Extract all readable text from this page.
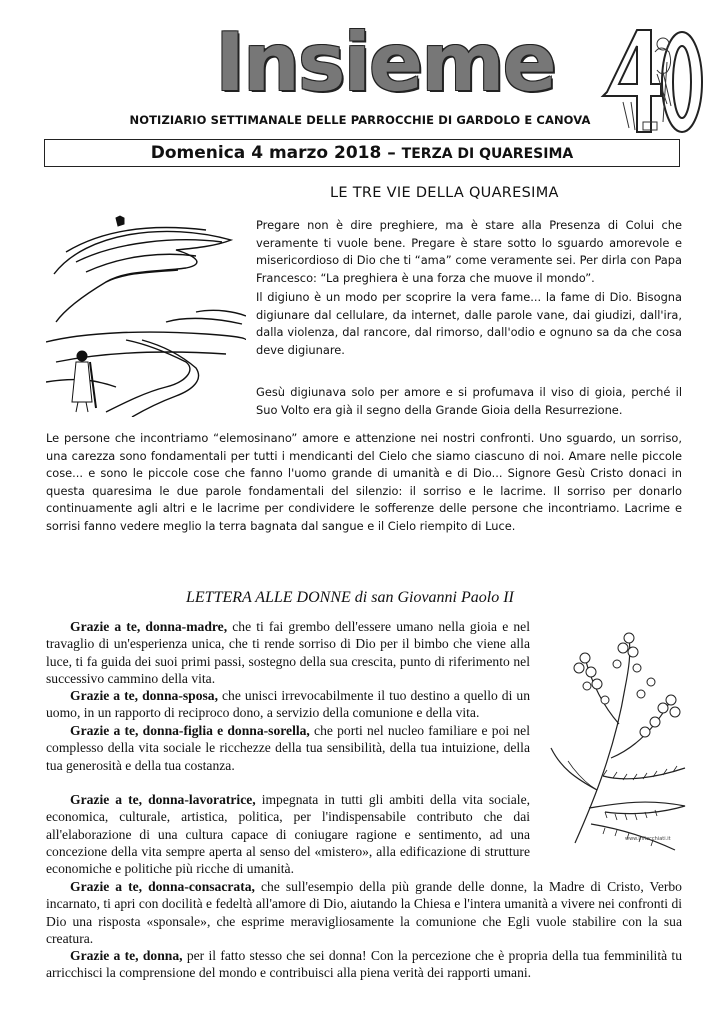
Insieme
NOTIZIARIO SETTIMANALE DELLE PARROCCHIE DI GARDOLO E CANOVA
Domenica 4 marzo 2018 – TERZA DI QUARESIMA
LE TRE VIE DELLA QUARESIMA

Pregare non è dire preghiere, ma è stare alla Presenza di Colui che veramente ti vuole bene. Pregare è stare sotto lo sguardo amorevole e misericordioso di Dio che ti “ama” come veramente sei. Per dirla con Papa Francesco: “La preghiera è una forza che muove il mondo”.

Il digiuno è un modo per scoprire la vera fame... la fame di Dio. Bisogna digiunare dal cellulare, da internet, dalle parole vane, dai giudizi, dall'ira, dalla violenza, dal rancore, dal rimorso, dall'odio e ognuno sa da che cosa deve digiunare.

Gesù digiunava solo per amore e si profumava il viso di gioia, perché il Suo Volto era già il segno della Grande Gioia della Resurrezione.

Le persone che incontriamo “elemosinano” amore e attenzione nei nostri confronti. Uno sguardo, un sorriso, una carezza sono fondamentali per tutti i mendicanti del Cielo che siamo ciascuno di noi. Amare nelle piccole cose... e sono le piccole cose che fanno l'uomo grande di umanità e di Dio... Signore Gesù Cristo donaci in questa quaresima le due parole fondamentali del silenzio: il sorriso e le lacrime. Il sorriso per donarlo continuamente agli altri e le lacrime per condividere le sofferenze delle persone che incontriamo. Lacrime e sorrisi fanno vedere meglio la terra bagnata dal sangue e il Cielo riempito di Luce.

LETTERA ALLE DONNE di san Giovanni Paolo II
www.infiocchiati.it

Grazie a te, donna-madre, che ti fai grembo dell'essere umano nella gioia e nel travaglio di un'esperienza unica, che ti rende sorriso di Dio per il bimbo che viene alla luce, ti fa guida dei suoi primi passi, sostegno della sua crescita, punto di riferimento nel successivo cammino della vita.

Grazie a te, donna-sposa, che unisci irrevocabilmente il tuo destino a quello di un uomo, in un rapporto di reciproco dono, a servizio della comunione e della vita.

Grazie a te, donna-figlia e donna-sorella, che porti nel nucleo familiare e poi nel complesso della vita sociale le ricchezze della tua sensibilità, della tua intuizione, della tua generosità e della tua costanza.

Grazie a te, donna-lavoratrice, impegnata in tutti gli ambiti della vita sociale, economica, culturale, artistica, politica, per l'indispensabile contributo che dai all'elaborazione di una cultura capace di coniugare ragione e sentimento, ad una concezione della vita sempre aperta al senso del «mistero», alla edificazione di strutture economiche e politiche più ricche di umanità.

Grazie a te, donna-consacrata, che sull'esempio della più grande delle donne, la Madre di Cristo, Verbo incarnato, ti apri con docilità e fedeltà all'amore di Dio, aiutando la Chiesa e l'intera umanità a vivere nei confronti di Dio una risposta «sponsale», che esprime meravigliosamente la comunione che Egli vuole stabilire con la sua creatura.

Grazie a te, donna, per il fatto stesso che sei donna! Con la percezione che è propria della tua femminilità tu arricchisci la comprensione del mondo e contribuisci alla piena verità dei rapporti umani.
